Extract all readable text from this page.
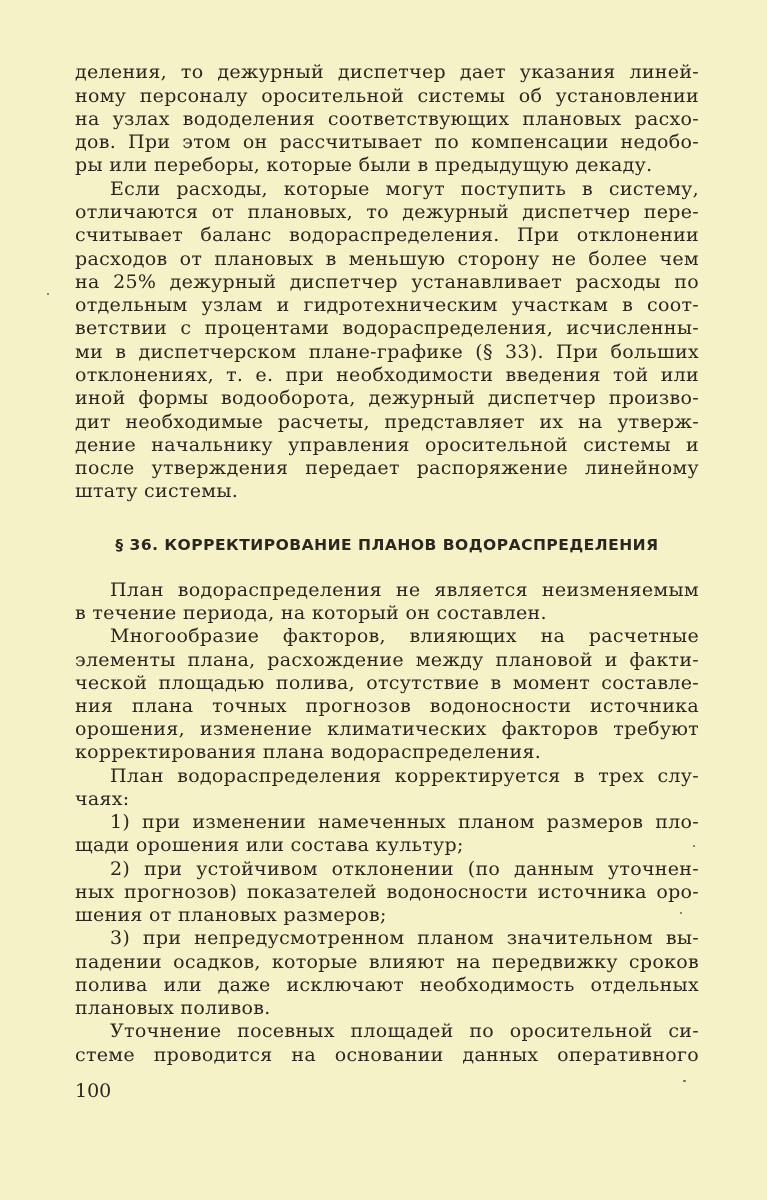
деления, то дежурный диспетчер дает указания линей-
ному персоналу оросительной системы об установлении
на узлах вододеления соответствующих плановых расхо-
дов. При этом он рассчитывает по компенсации недобо-
ры или переборы, которые были в предыдущую декаду.
Если расходы, которые могут поступить в систему,
отличаются от плановых, то дежурный диспетчер пере-
считывает баланс водораспределения. При отклонении
расходов от плановых в меньшую сторону не более чем
на 25% дежурный диспетчер устанавливает расходы по
отдельным узлам и гидротехническим участкам в соот-
ветствии с процентами водораспределения, исчисленны-
ми в диспетчерском плане-графике (§ 33). При больших
отклонениях, т. е. при необходимости введения той или
иной формы водооборота, дежурный диспетчер произво-
дит необходимые расчеты, представляет их на утверж-
дение начальнику управления оросительной системы и
после утверждения передает распоряжение линейному
штату системы.
§ 36. КОРРЕКТИРОВАНИЕ ПЛАНОВ ВОДОРАСПРЕДЕЛЕНИЯ
План водораспределения не является неизменяемым
в течение периода, на который он составлен.
Многообразие факторов, влияющих на расчетные
элементы плана, расхождение между плановой и факти-
ческой площадью полива, отсутствие в момент составле-
ния плана точных прогнозов водоносности источника
орошения, изменение климатических факторов требуют
корректирования плана водораспределения.
План водораспределения корректируется в трех слу-
чаях:
1) при изменении намеченных планом размеров пло-
щади орошения или состава культур;
2) при устойчивом отклонении (по данным уточнен-
ных прогнозов) показателей водоносности источника оро-
шения от плановых размеров;
3) при непредусмотренном планом значительном вы-
падении осадков, которые влияют на передвижку сроков
полива или даже исключают необходимость отдельных
плановых поливов.
Уточнение посевных площадей по оросительной си-
стеме проводится на основании данных оперативного
100
